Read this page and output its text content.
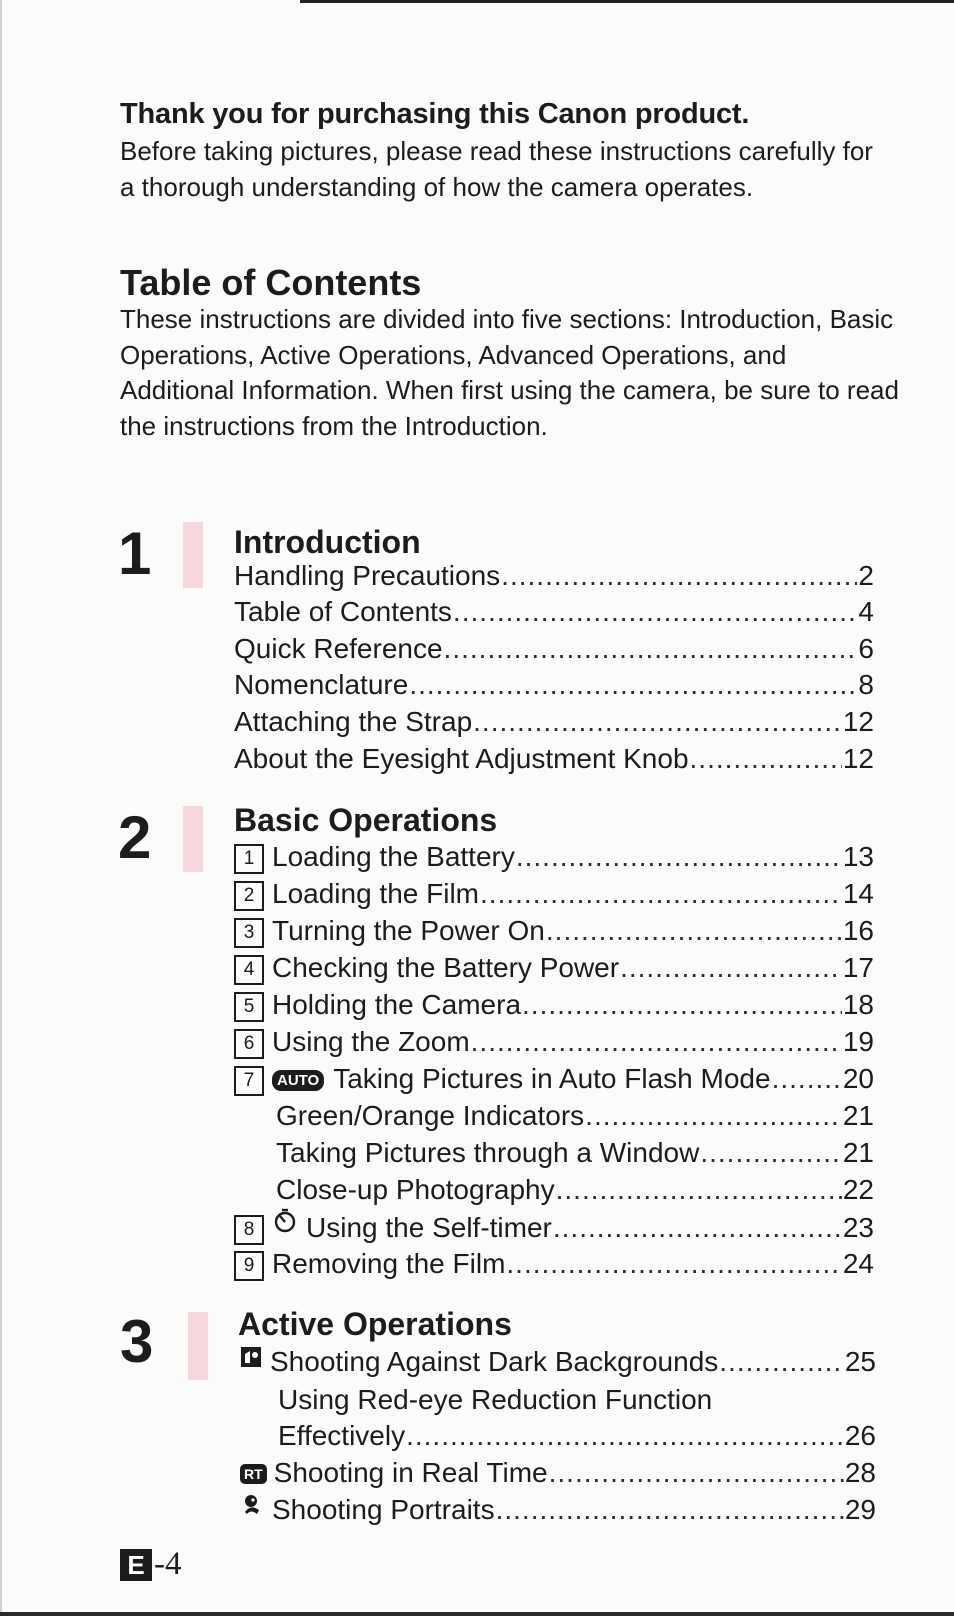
Thank you for purchasing this Canon product.

Before taking pictures, please read these instructions carefully for a thorough understanding of how the camera operates.

Table of Contents

These instructions are divided into five sections: Introduction, Basic Operations, Active Operations, Advanced Operations, and Additional Information. When first using the camera, be sure to read the instructions from the Introduction.

1	Introduction
Handling Precautions .....	2
Table of Contents .....	4
Quick Reference .....	6
Nomenclature .....	8
Attaching the Strap .....	12
About the Eyesight Adjustment Knob .....	12
2	Basic Operations
1 Loading the Battery .....	13
2 Loading the Film .....	14
3 Turning the Power On .....	16
4 Checking the Battery Power .....	17
5 Holding the Camera .....	18
6 Using the Zoom .....	19
7	AUTO Taking Pictures in Auto Flash Mode .....	20
Green/Orange Indicators .....	21
Taking Pictures through a Window .....	21
Close-up Photography .....	22
8	Using the Self-timer .....	23
9 Removing the Film .....	24
3	Active Operations
Shooting Against Dark Backgrounds .....	25
Using Red-eye Reduction Function
Effectively .....	26
RT Shooting in Real Time .....	28
Shooting Portraits .....	29
E -4
